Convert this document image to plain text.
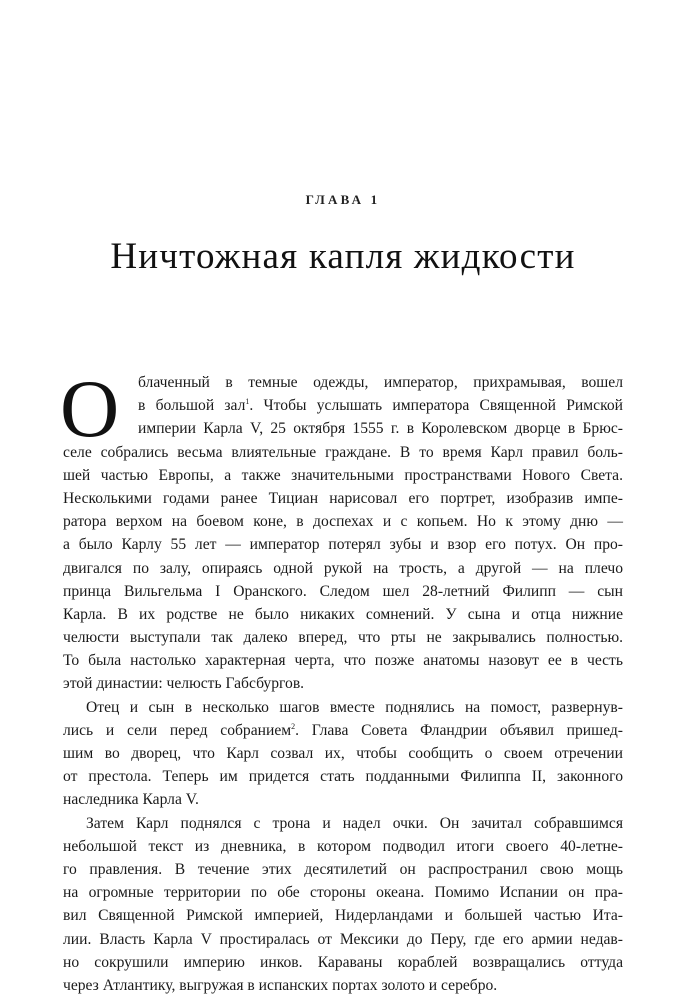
ГЛАВА 1
Ничтожная капля жидкости
О	блаченный в темные одежды, император, прихрамывая, вошел
в большой зал$^1$. Чтобы услышать императора Священной Римской
империи Карла V, 25 октября 1555 г. в Королевском дворце в Брюс-
селе собрались весьма влиятельные граждане. В то время Карл правил боль-
шей частью Европы, а также значительными пространствами Нового Света.
Несколькими годами ранее Тициан нарисовал его портрет, изобразив импе-
ратора верхом на боевом коне, в доспехах и с копьем. Но к этому дню —
а было Карлу 55 лет — император потерял зубы и взор его потух. Он про-
двигался по залу, опираясь одной рукой на трость, а другой — на плечо
принца Вильгельма I Оранского. Следом шел 28-летний Филипп — сын
Карла. В их родстве не было никаких сомнений. У сына и отца нижние
челюсти выступали так далеко вперед, что рты не закрывались полностью.
То была настолько характерная черта, что позже анатомы назовут ее в честь
этой династии: челюсть Габсбургов.
Отец и сын в несколько шагов вместе поднялись на помост, развернув-
лись и сели перед собранием$^2$. Глава Совета Фландрии объявил пришед-
шим во дворец, что Карл созвал их, чтобы сообщить о своем отречении
от престола. Теперь им придется стать подданными Филиппа II, законного
наследника Карла V.
Затем Карл поднялся с трона и надел очки. Он зачитал собравшимся
небольшой текст из дневника, в котором подводил итоги своего 40-летне-
го правления. В течение этих десятилетий он распространил свою мощь
на огромные территории по обе стороны океана. Помимо Испании он пра-
вил Священной Римской империей, Нидерландами и большей частью Ита-
лии. Власть Карла V простиралась от Мексики до Перу, где его армии недав-
но сокрушили империю инков. Караваны кораблей возвращались оттуда
через Атлантику, выгружая в испанских портах золото и серебро.
